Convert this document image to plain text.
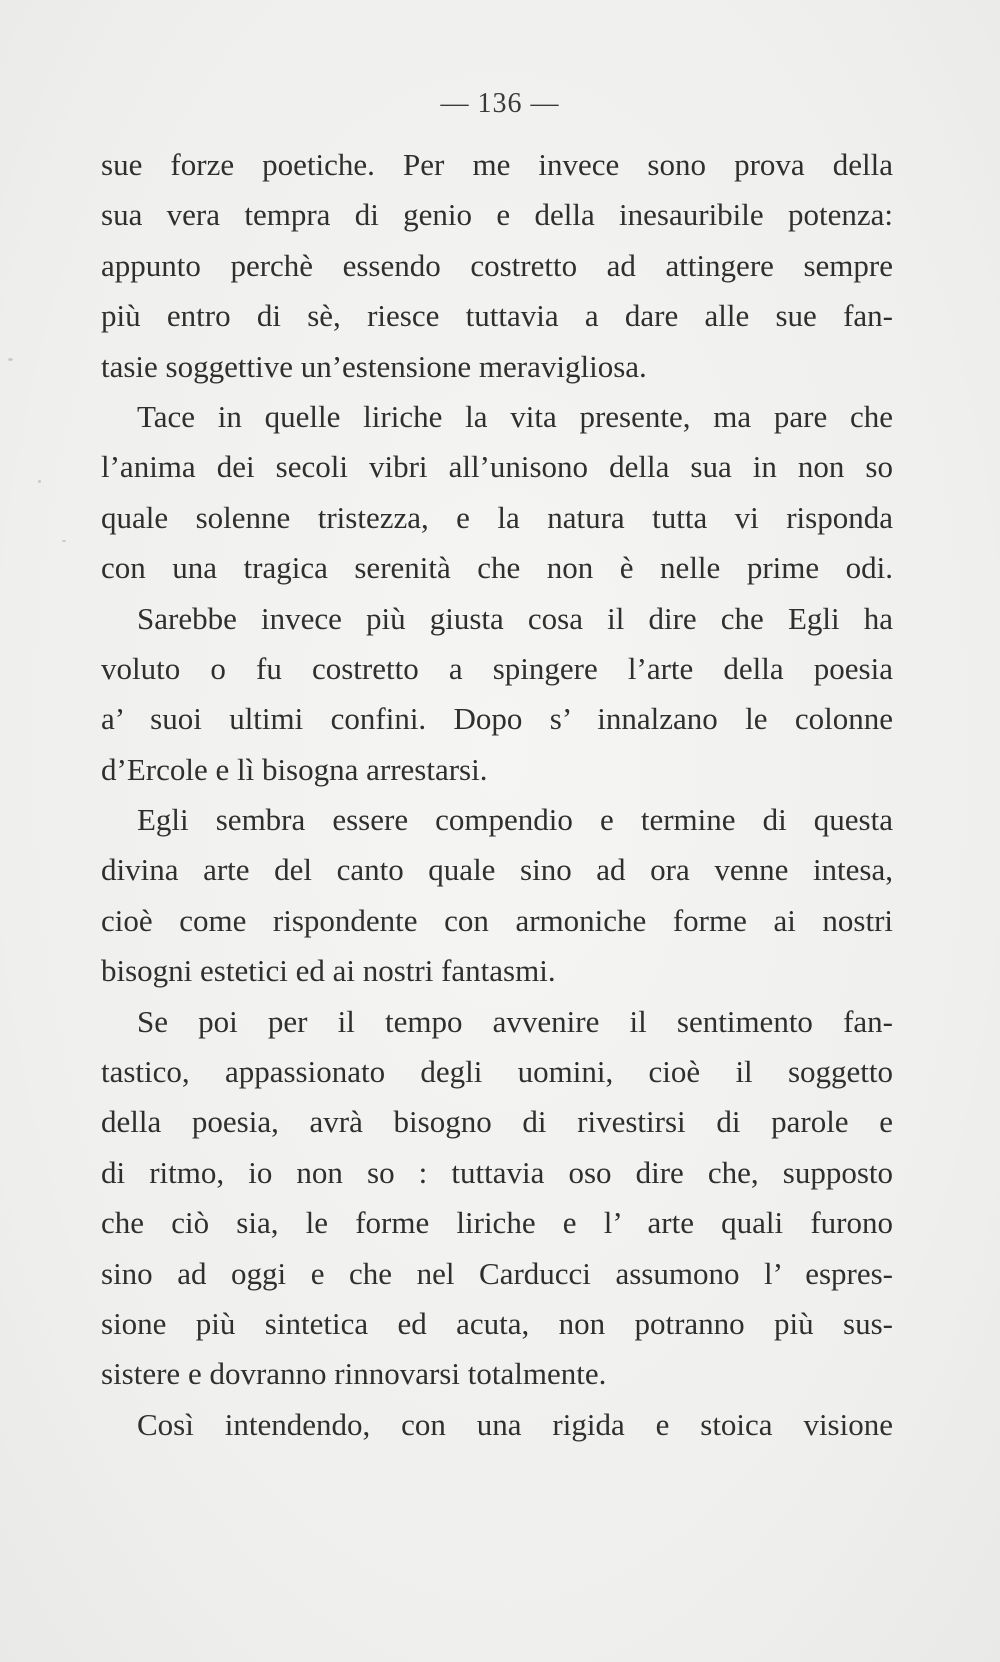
— 136 —
sue forze poetiche. Per me invece sono prova della
sua vera tempra di genio e della inesauribile potenza:
appunto perchè essendo costretto ad attingere sempre
più entro di sè, riesce tuttavia a dare alle sue fan-
tasie soggettive un’estensione meravigliosa.
Tace in quelle liriche la vita presente, ma pare che
l’anima dei secoli vibri all’unisono della sua in non so
quale solenne tristezza, e la natura tutta vi risponda
con una tragica serenità che non è nelle prime odi.
Sarebbe invece più giusta cosa il dire che Egli ha
voluto o fu costretto a spingere l’arte della poesia
a’ suoi ultimi confini. Dopo s’ innalzano le colonne
d’Ercole e lì bisogna arrestarsi.
Egli sembra essere compendio e termine di questa
divina arte del canto quale sino ad ora venne intesa,
cioè come rispondente con armoniche forme ai nostri
bisogni estetici ed ai nostri fantasmi.
Se poi per il tempo avvenire il sentimento fan-
tastico, appassionato degli uomini, cioè il soggetto
della poesia, avrà bisogno di rivestirsi di parole e
di ritmo, io non so : tuttavia oso dire che, supposto
che ciò sia, le forme liriche e l’ arte quali furono
sino ad oggi e che nel Carducci assumono l’ espres-
sione più sintetica ed acuta, non potranno più sus-
sistere e dovranno rinnovarsi totalmente.
Così intendendo, con una rigida e stoica visione
